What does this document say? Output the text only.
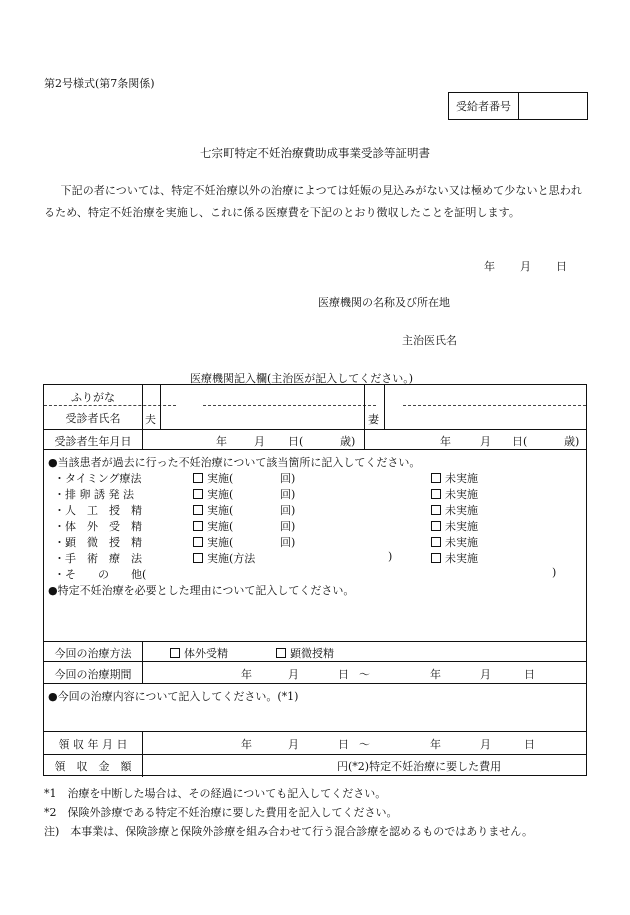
第2号様式(第7条関係)
受給者番号
七宗町特定不妊治療費助成事業受診等証明書
下記の者については、特定不妊治療以外の治療によつては妊娠の見込みがない又は極めて少ないと思われるため、特定不妊治療を実施し、これに係る医療費を下記のとおり徴収したことを証明します。
年 月 日
医療機関の名称及び所在地
主治医氏名
医療機関記入欄(主治医が記入してください。)
ふりがな
受診者氏名	夫	妻
受診者生年月日	年 月 日(	歳)	年	月 日(	歳)
●当該患者が過去に行った不妊治療について該当箇所に記入してください。
・タイミング療法	実施(	回)	未実施
・排 卵 誘 発 法	実施(	回)	未実施
・人　工　授　精	実施(	回)	未実施
・体　外　受　精	実施(	回)	未実施
・顕　微　授　精	実施(	回)	未実施
・手　術　療　法	実施(方法	)	未実施
・そ　　の　　他(	)
●特定不妊治療を必要とした理由について記入してください。
今回の治療方法	体外受精	顕微授精
今回の治療期間	年	月	日 ～	年	月	日
●今回の治療内容について記入してください。(*1)
領 収 年 月 日	年	月	日 ～	年	月	日
領　収　金　額	円(*2)特定不妊治療に要した費用
*1　治療を中断した場合は、その経過についても記入してください。
*2　保険外診療である特定不妊治療に要した費用を記入してください。
注)　本事業は、保険診療と保険外診療を組み合わせて行う混合診療を認めるものではありません。
